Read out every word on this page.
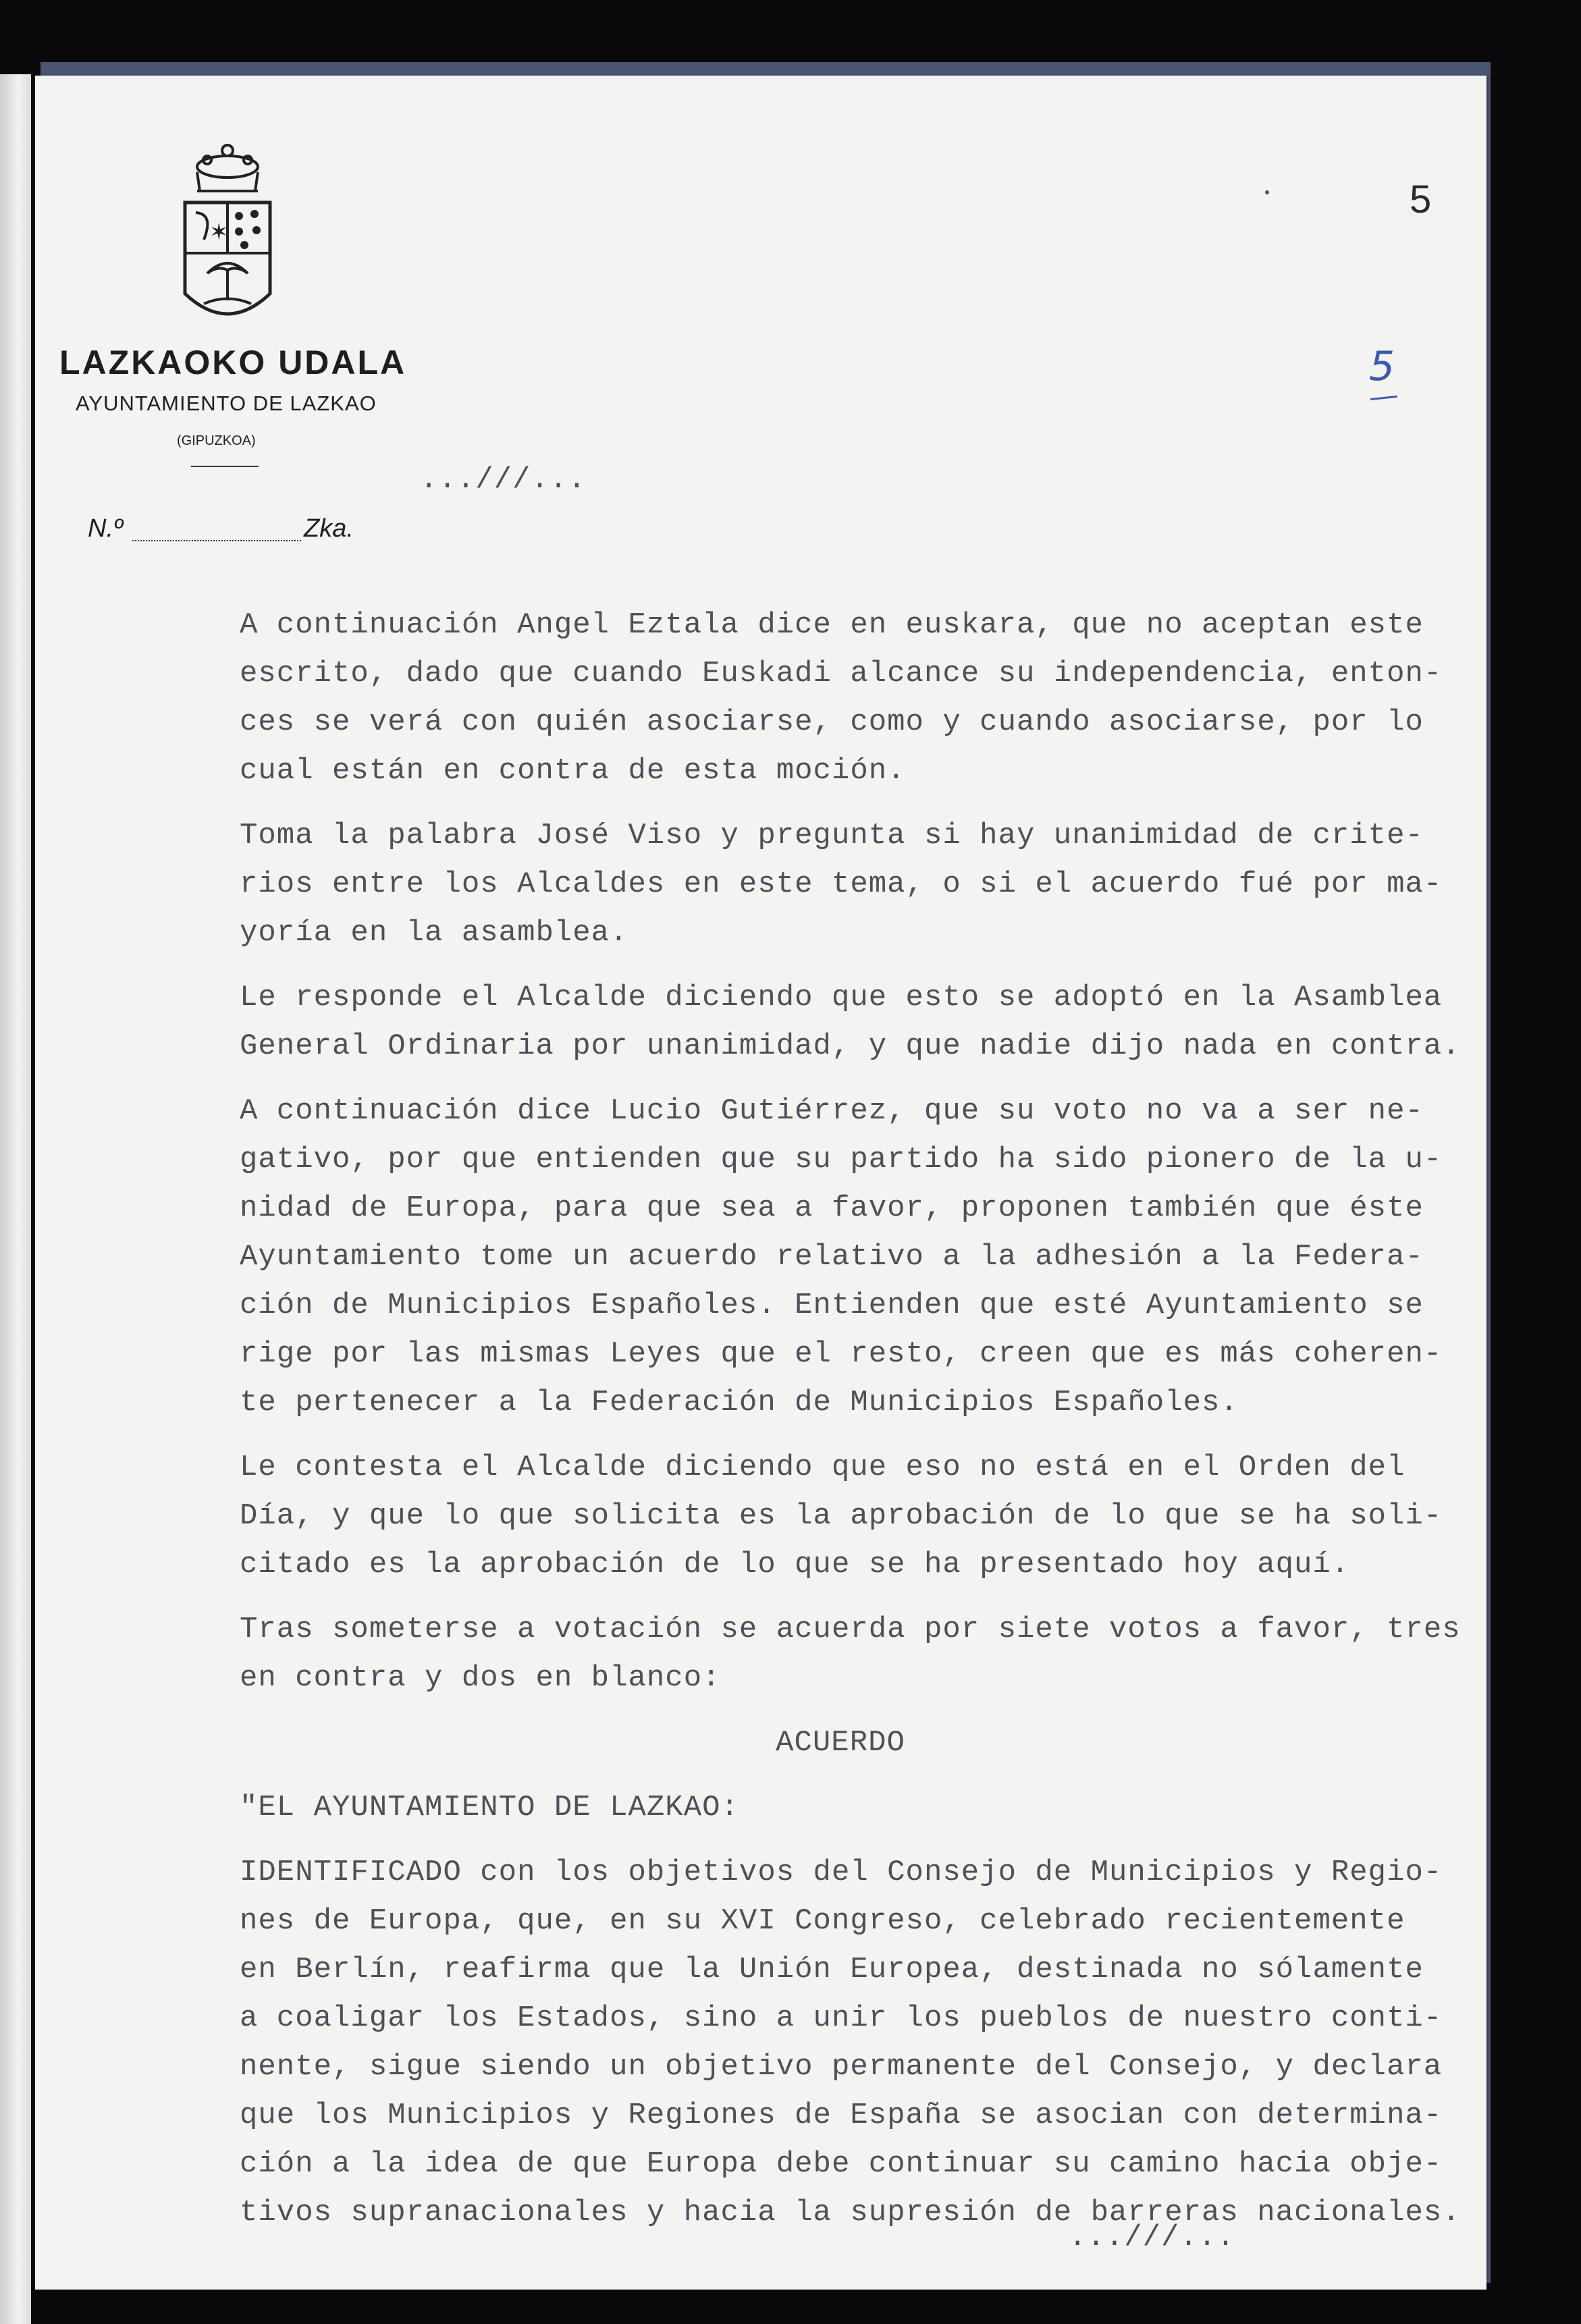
✶
LAZKAOKO UDALA
AYUNTAMIENTO DE LAZKAO
(GIPUZKOA)
N.º	Zka.
5
5
...///...
A continuación Angel Eztala dice en euskara, que no aceptan este
escrito, dado que cuando Euskadi alcance su independencia, enton-
ces se verá con quién asociarse, como y cuando asociarse, por lo
cual están en contra de esta moción.
Toma la palabra José Viso y pregunta si hay unanimidad de crite-
rios entre los Alcaldes en este tema, o si el acuerdo fué por ma-
yoría en la asamblea.
Le responde el Alcalde diciendo que esto se adoptó en la Asamblea
General Ordinaria por unanimidad, y que nadie dijo nada en contra.
A continuación dice Lucio Gutiérrez, que su voto no va a ser ne-
gativo, por que entienden que su partido ha sido pionero de la u-
nidad de Europa, para que sea a favor, proponen también que éste
Ayuntamiento tome un acuerdo relativo a la adhesión a la Federa-
ción de Municipios Españoles. Entienden que esté Ayuntamiento se
rige por las mismas Leyes que el resto, creen que es más coheren-
te pertenecer a la Federación de Municipios Españoles.
Le contesta el Alcalde diciendo que eso no está en el Orden del
Día, y que lo que solicita es la aprobación de lo que se ha soli-
citado es la aprobación de lo que se ha presentado hoy aquí.
Tras someterse a votación se acuerda por siete votos a favor, tres
en contra y dos en blanco:
ACUERDO
"EL AYUNTAMIENTO DE LAZKAO:
IDENTIFICADO con los objetivos del Consejo de Municipios y Regio-
nes de Europa, que, en su XVI Congreso, celebrado recientemente
en Berlín, reafirma que la Unión Europea, destinada no sólamente
a coaligar los Estados, sino a unir los pueblos de nuestro conti-
nente, sigue siendo un objetivo permanente del Consejo, y declara
que los Municipios y Regiones de España se asocian con determina-
ción a la idea de que Europa debe continuar su camino hacia obje-
tivos supranacionales y hacia la supresión de barreras nacionales.
...///...
